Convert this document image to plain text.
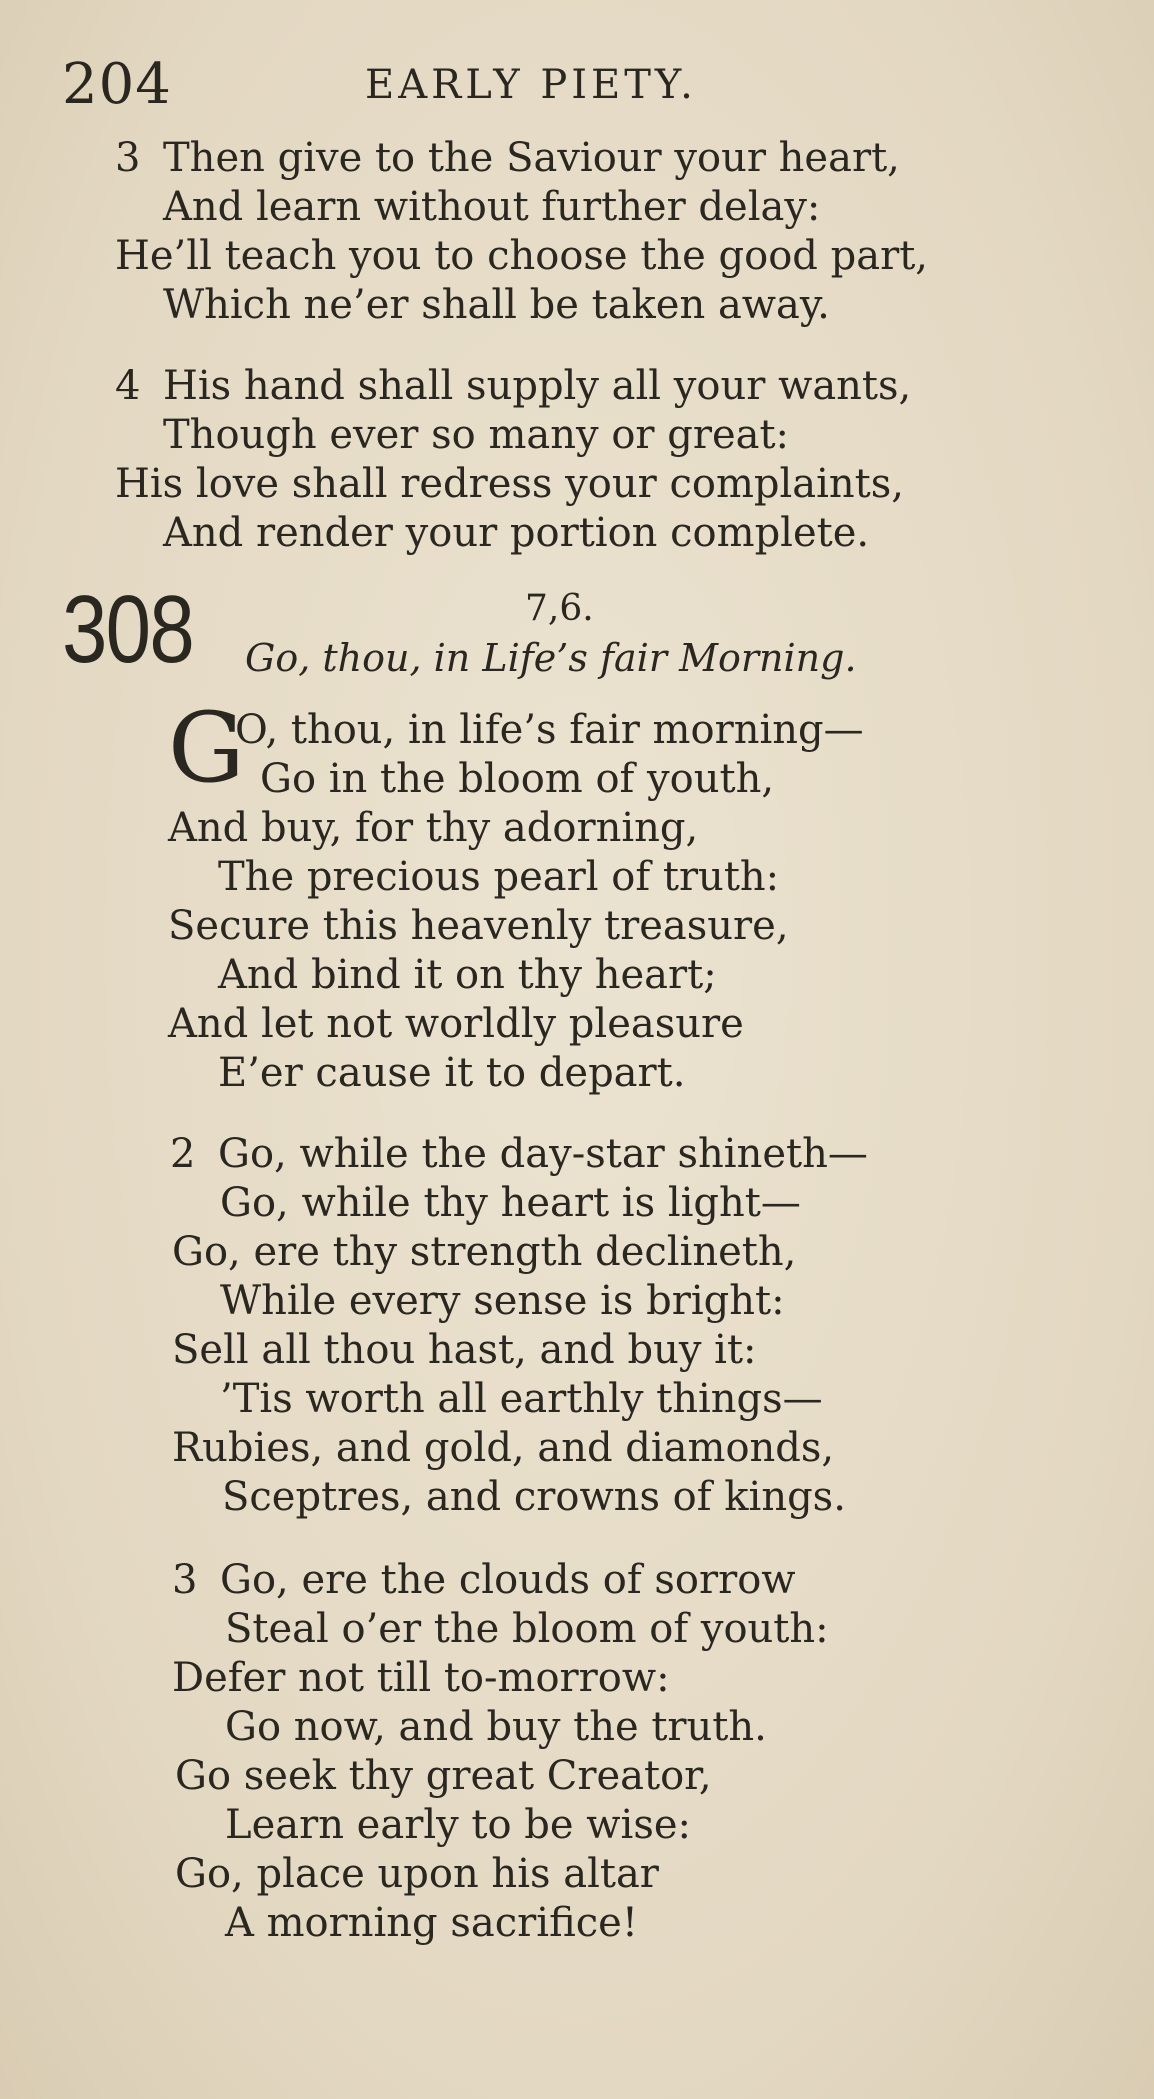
204	EARLY PIETY.
3 Then give to the Saviour your heart,
And learn without further delay:
He’ll teach you to choose the good part,
Which ne’er shall be taken away.
4 His hand shall supply all your wants,
Though ever so many or great:
His love shall redress your complaints,
And render your portion complete.
308	7,6.
Go, thou, in Life’s fair Morning.
G
O, thou, in life’s fair morning—
Go in the bloom of youth,
And buy, for thy adorning,
The precious pearl of truth:
Secure this heavenly treasure,
And bind it on thy heart;
And let not worldly pleasure
E’er cause it to depart.
2 Go, while the day-star shineth—
Go, while thy heart is light—
Go, ere thy strength declineth,
While every sense is bright:
Sell all thou hast, and buy it:
’Tis worth all earthly things—
Rubies, and gold, and diamonds,
Sceptres, and crowns of kings.
3 Go, ere the clouds of sorrow
Steal o’er the bloom of youth:
Defer not till to-morrow:
Go now, and buy the truth.
Go seek thy great Creator,
Learn early to be wise:
Go, place upon his altar
A morning sacrifice!
